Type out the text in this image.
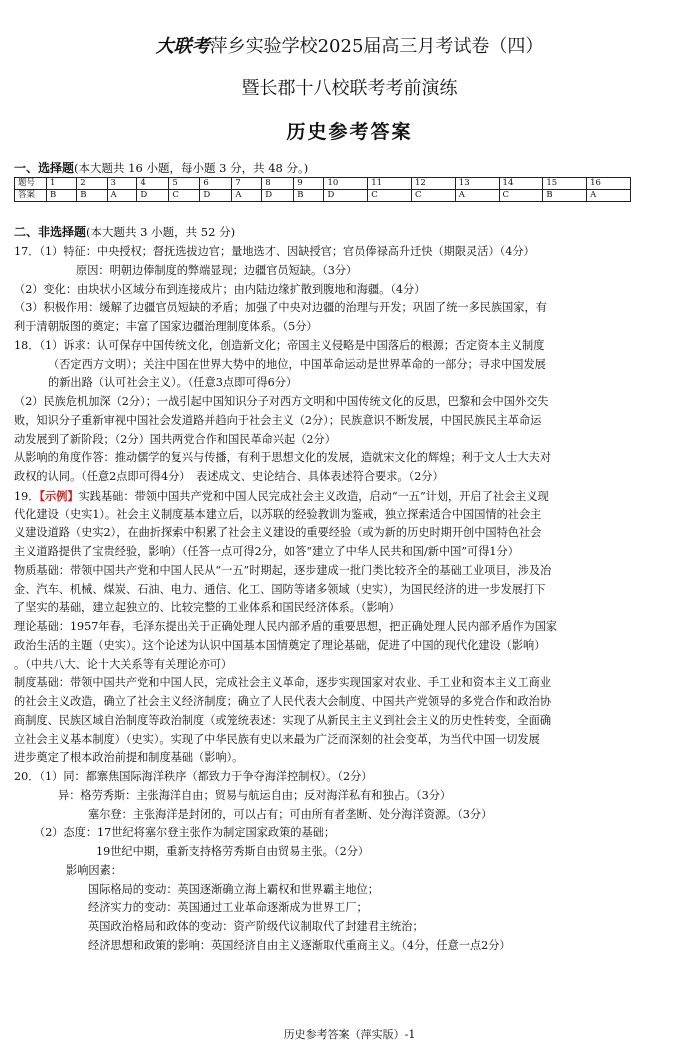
大联考萍乡实验学校2025届高三月考试卷（四）
暨长郡十八校联考考前演练
历史参考答案
一、选择题(本大题共 16 小题，每小题 3 分，共 48 分。)
题号	1	2	3	4	5	6	7	8	9	10	11	12	13	14	15	16
答案	B	B	A	D	C	D	A	D	B	D	C	C	A	C	B	A
二、非选择题(本大题共 3 小题，共 52 分)
17．（1）特征：中央授权；督抚选拔边官；量地选才、因缺授官；官员俸禄高升迁快（期限灵活）（4分）
原因：明朝边俸制度的弊端显现；边疆官员短缺。（3分）
（2）变化：由块状小区域分布到连接成片；由内陆边缘扩散到腹地和海疆。（4分）
（3）积极作用：缓解了边疆官员短缺的矛盾；加强了中央对边疆的治理与开发；巩固了统一多民族国家，有
利于清朝版图的奠定；丰富了国家边疆治理制度体系。（5分）
18．（1）诉求：认可保存中国传统文化，创造新文化；帝国主义侵略是中国落后的根源；否定资本主义制度
（否定西方文明）；关注中国在世界大势中的地位，中国革命运动是世界革命的一部分；寻求中国发展
的新出路（认可社会主义）。（任意3点即可得6分）
（2）民族危机加深（2分）；一战引起中国知识分子对西方文明和中国传统文化的反思，巴黎和会中国外交失
败，知识分子重新审视中国社会发道路并趋向于社会主义（2分）；民族意识不断发展，中国民族民主革命运
动发展到了新阶段；（2分）国共两党合作和国民革命兴起（2分）
从影响的角度作答：推动儒学的复兴与传播，有利于思想文化的发展，造就宋文化的辉煌；利于文人士大夫对
政权的认同。（任意2点即可得4分）　表述成文、史论结合、具体表述符合要求。（2分）
19．【示例】实践基础：带领中国共产党和中国人民完成社会主义改造，启动“一五”计划，开启了社会主义现
代化建设（史实1）。社会主义制度基本建立后，以苏联的经验教训为鉴戒，独立探索适合中国国情的社会主
义建设道路（史实2），在曲折探索中积累了社会主义建设的重要经验（或为新的历史时期开创中国特色社会
主义道路提供了宝贵经验，影响）（任答一点可得2分，如答“建立了中华人民共和国/新中国”可得1分）
物质基础：带领中国共产党和中国人民从“一五”时期起，逐步建成一批门类比较齐全的基础工业项目，涉及冶
金、汽车、机械、煤炭、石油、电力、通信、化工、国防等诸多领域（史实），为国民经济的进一步发展打下
了坚实的基础，建立起独立的、比较完整的工业体系和国民经济体系。（影响）
理论基础：1957年春，毛泽东提出关于正确处理人民内部矛盾的重要思想，把正确处理人民内部矛盾作为国家
政治生活的主题（史实）。这个论述为认识中国基本国情奠定了理论基础，促进了中国的现代化建设（影响）
。（中共八大、论十大关系等有关理论亦可）
制度基础：带领中国共产党和中国人民，完成社会主义革命，逐步实现国家对农业、手工业和资本主义工商业
的社会主义改造，确立了社会主义经济制度；确立了人民代表大会制度、中国共产党领导的多党合作和政治协
商制度、民族区域自治制度等政治制度（或笼统表述：实现了从新民主主义到社会主义的历史性转变，全面确
立社会主义基本制度）（史实）。实现了中华民族有史以来最为广泛而深刻的社会变革，为当代中国一切发展
进步奠定了根本政治前提和制度基础（影响）。
20．（1）同：都寨焦国际海洋秩序（都致力于争夺海洋控制权）。（2分）
异：格劳秀斯：主张海洋自由；贸易与航运自由；反对海洋私有和独占。（3分）
塞尔登：主张海洋是封闭的，可以占有；可由所有者垄断、处分海洋资源。（3分）
（2）态度：17世纪将塞尔登主张作为制定国家政策的基础；
19世纪中期，重新支持格劳秀斯自由贸易主张。（2分）
影响因素：
国际格局的变动：英国逐渐确立海上霸权和世界霸主地位；
经济实力的变动：英国通过工业革命逐渐成为世界工厂；
英国政治格局和政体的变动：资产阶级代议制取代了封建君主统治；
经济思想和政策的影响：英国经济自由主义逐渐取代重商主义。（4分，任意一点2分）
历史参考答案（萍实版）-1
